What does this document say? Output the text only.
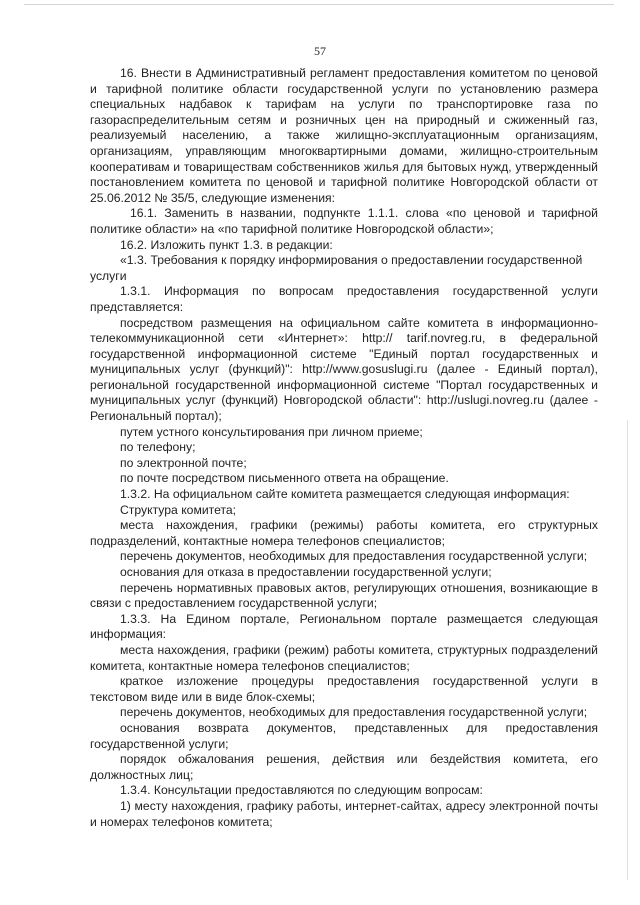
57

16. Внести в Административный регламент предоставления комитетом по ценовой и тарифной политике области государственной услуги по установлению размера специальных надбавок к тарифам на услуги по транспортировке газа по газораспределительным сетям и розничных цен на природный и сжиженный газ, реализуемый населению, а также жилищно-эксплуатационным организациям, организациям, управляющим многоквартирными домами, жилищно-строительным кооперативам и товариществам собственников жилья для бытовых нужд, утвержденный постановлением комитета по ценовой и тарифной политике Новгородской области от 25.06.2012 № 35/5, следующие изменения:

16.1. Заменить в названии, подпункте 1.1.1. слова «по ценовой и тарифной политике области» на «по тарифной политике Новгородской области»;

16.2. Изложить пункт 1.3. в редакции:

«1.3. Требования к порядку информирования о предоставлении государственной услуги

1.3.1. Информация по вопросам предоставления государственной услуги представляется:

посредством размещения на официальном сайте комитета в информационно-телекоммуникационной сети «Интернет»: http:// tarif.novreg.ru, в федеральной государственной информационной системе "Единый портал государственных и муниципальных услуг (функций)": http://www.gosuslugi.ru (далее - Единый портал), региональной государственной информационной системе "Портал государственных и муниципальных услуг (функций) Новгородской области": http://uslugi.novreg.ru (далее - Региональный портал);

путем устного консультирования при личном приеме;

по телефону;

по электронной почте;

по почте посредством письменного ответа на обращение.

1.3.2. На официальном сайте комитета размещается следующая информация:

Структура комитета;

места нахождения, графики (режимы) работы комитета, его структурных подразделений, контактные номера телефонов специалистов;

перечень документов, необходимых для предоставления государственной услуги;

основания для отказа в предоставлении государственной услуги;

перечень нормативных правовых актов, регулирующих отношения, возникающие в связи с предоставлением государственной услуги;

1.3.3. На Едином портале, Региональном портале размещается следующая информация:

места нахождения, графики (режим) работы комитета, структурных подразделений комитета, контактные номера телефонов специалистов;

краткое изложение процедуры предоставления государственной услуги в текстовом виде или в виде блок-схемы;

перечень документов, необходимых для предоставления государственной услуги;

основания возврата документов, представленных для предоставления государственной услуги;

порядок обжалования решения, действия или бездействия комитета, его должностных лиц;

1.3.4. Консультации предоставляются по следующим вопросам:

1) месту нахождения, графику работы, интернет-сайтах, адресу электронной почты и номерах телефонов комитета;
